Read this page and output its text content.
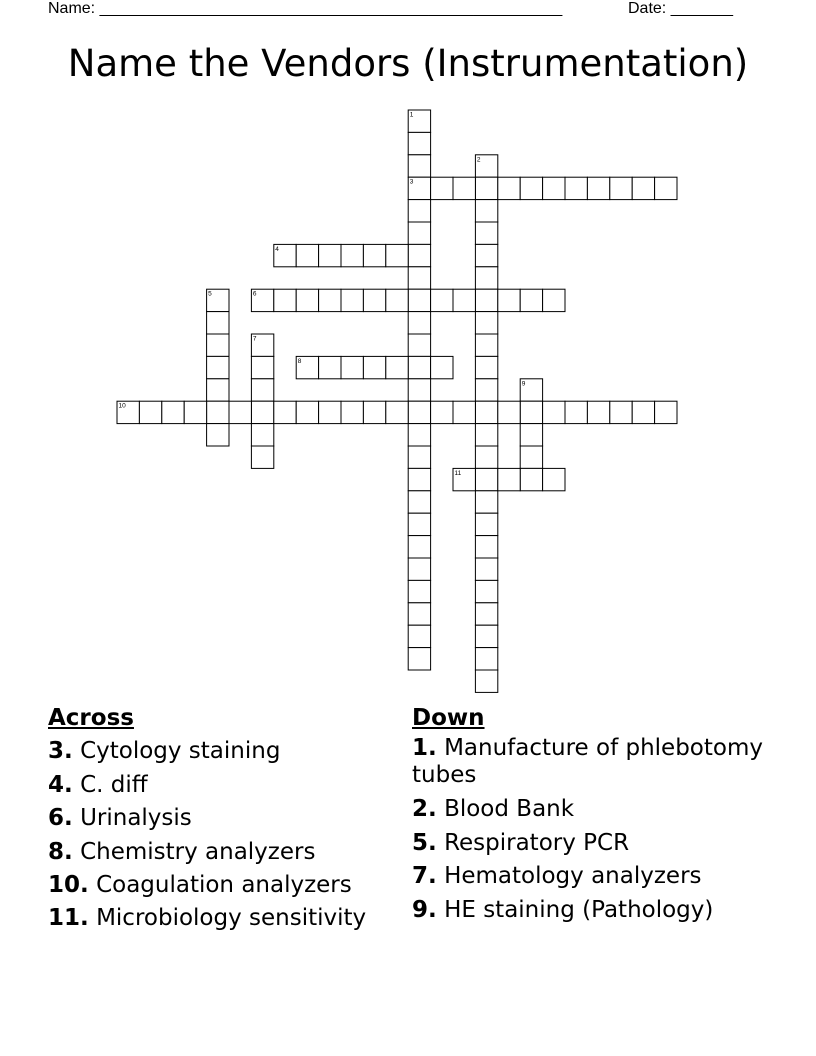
Name: ____________________________________________________	Date: _______
Name the Vendors (Instrumentation)
1
2
3
4
5	6
7
8
9
10
11
Across
3. Cytology staining
4. C. diff
6. Urinalysis
8. Chemistry analyzers
10. Coagulation analyzers
11. Microbiology sensitivity
Down
1. Manufacture of phlebotomy tubes
2. Blood Bank
5. Respiratory PCR
7. Hematology analyzers
9. HE staining (Pathology)
